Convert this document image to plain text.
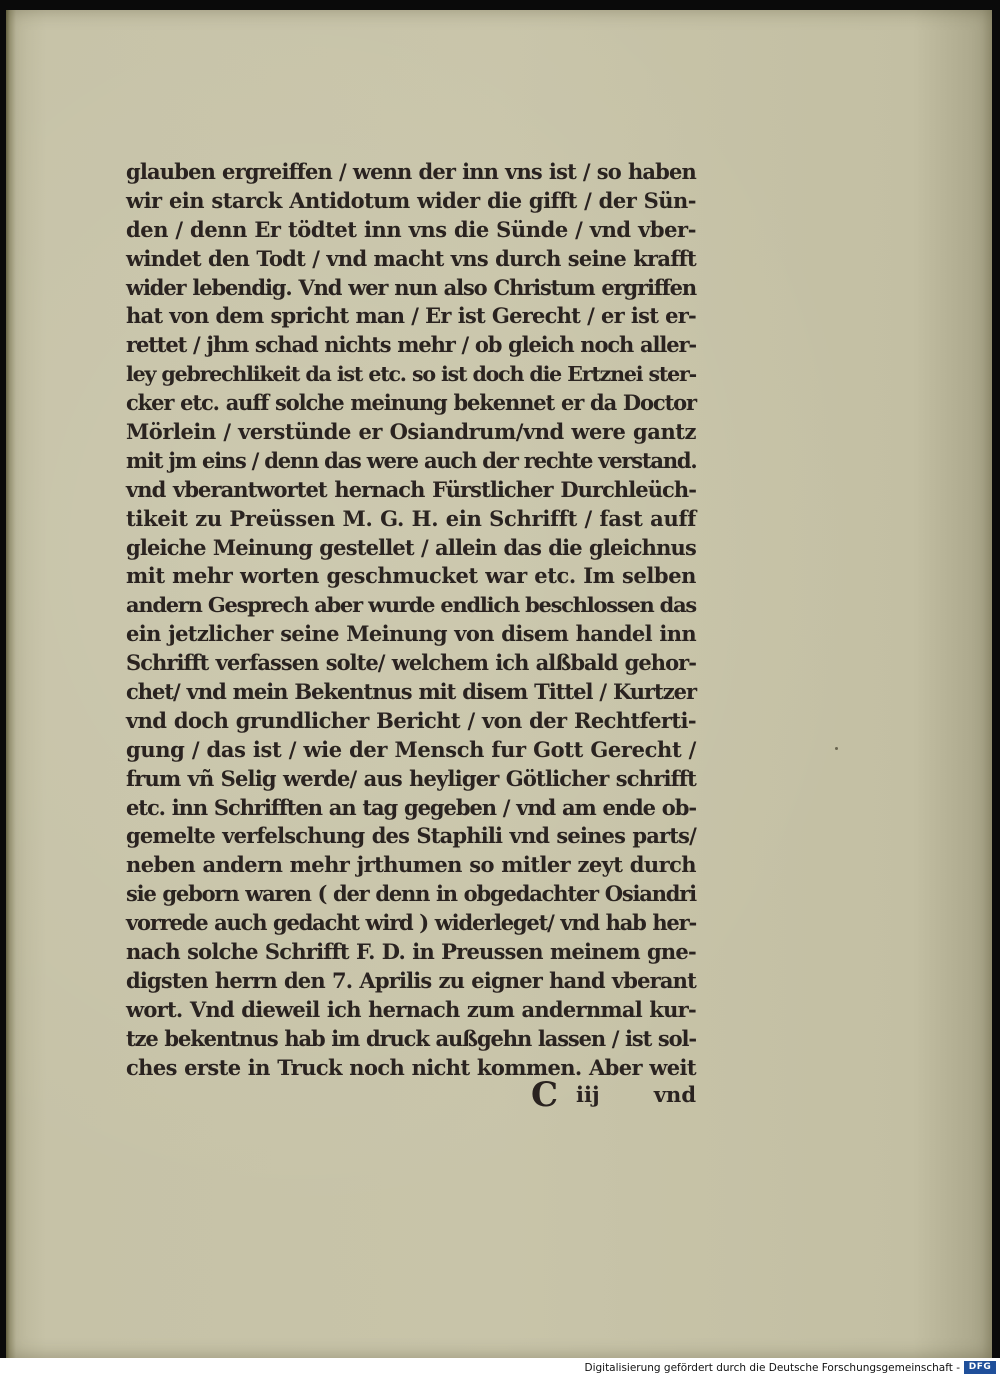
glauben ergreiffen / wenn der inn vns ist / so haben
wir ein starck Antidotum wider die gifft / der Sün-
den / denn Er tödtet inn vns die Sünde / vnd vber-
windet den Todt / vnd macht vns durch seine krafft
wider lebendig. Vnd wer nun also Christum ergriffen
hat von dem spricht man / Er ist Gerecht / er ist er-
rettet / jhm schad nichts mehr / ob gleich noch aller-
ley gebrechlikeit da ist etc. so ist doch die Ertznei ster-
cker etc. auff solche meinung bekennet er da Doctor
Mörlein / verstünde er Osiandrum/vnd were gantz
mit jm eins / denn das were auch der rechte verstand.
vnd vberantwortet hernach Fürstlicher Durchleüch-
tikeit zu Preüssen M. G. H. ein Schrifft / fast auff
gleiche Meinung gestellet / allein das die gleichnus
mit mehr worten geschmucket war etc. Im selben
andern Gesprech aber wurde endlich beschlossen das
ein jetzlicher seine Meinung von disem handel inn
Schrifft verfassen solte/ welchem ich alßbald gehor-
chet/ vnd mein Bekentnus mit disem Tittel / Kurtzer
vnd doch grundlicher Bericht / von der Rechtferti-
gung / das ist / wie der Mensch fur Gott Gerecht /
frum vñ Selig werde/ aus heyliger Götlicher schrifft
etc. inn Schrifften an tag gegeben / vnd am ende ob-
gemelte verfelschung des Staphili vnd seines parts/
neben andern mehr jrthumen so mitler zeyt durch
sie geborn waren ( der denn in obgedachter Osiandri
vorrede auch gedacht wird ) widerleget/ vnd hab her-
nach solche Schrifft F. D. in Preussen meinem gne-
digsten herrn den 7. Aprilis zu eigner hand vberant
wort. Vnd dieweil ich hernach zum andernmal kur-
tze bekentnus hab im druck außgehn lassen / ist sol-
ches erste in Truck noch nicht kommen. Aber weit
C iij	vnd
Digitalisierung gefördert durch die Deutsche Forschungsgemeinschaft - DFG
